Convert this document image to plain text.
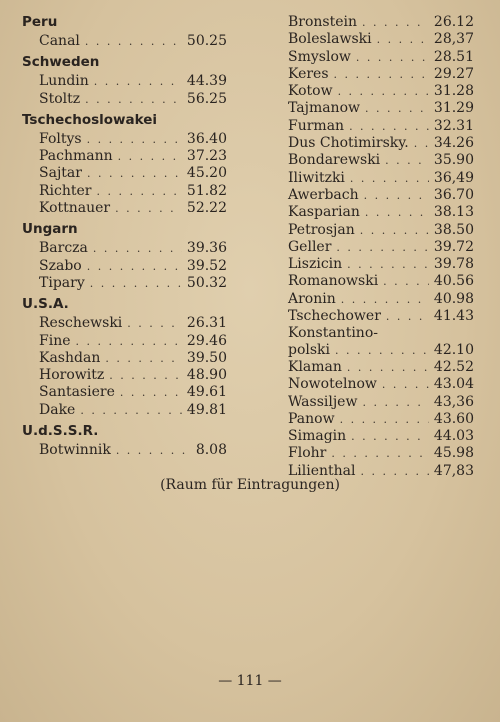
Peru
Canal . . .	50.25
Schweden
Lundin . . .	44.39
Stoltz . . .	56.25
Tschechoslowakei
Foltys . . .	36.40
Pachmann . . .	37.23
Sajtar . . .	45.20
Richter . . .	51.82
Kottnauer . . .	52.22
Ungarn
Barcza . . .	39.36
Szabo . . .	39.52
Tipary . . .	50.32
U.S.A.
Reschewski . . .	26.31
Fine . . .	29.46
Kashdan . . .	39.50
Horowitz . . .	48.90
Santasiere . . .	49.61
Dake . . .	49.81
U.d.S.S.R.
Botwinnik . . .	8.08
Bronstein . . .	26.12
Boleslawski . . .	28,37
Smyslow . . .	28.51
Keres . . .	29.27
Kotow . . .	31.28
Tajmanow . . .	31.29
Furman . . .	32.31
Dus Chotimirsky. . . . 34.26
Bondarewski . . .	35.90
Iliwitzki . . .	36,49
Awerbach . . .	36.70
Kasparian . . .	38.13
Petrosjan . . .	38.50
Geller . . .	39.72
Liszicin . . .	39.78
Romanowski . . .	40.56
Aronin . . .	40.98
Tschechower . . .	41.43
Konstantino-
polski . . .	42.10
Klaman . . .	42.52
Nowotelnow . . .	43.04
Wassiljew . . .	43,36
Panow . . .	43.60
Simagin . . .	44.03
Flohr . . .	45.98
Lilienthal . . .	47,83
(Raum für Eintragungen)
— 111 —
